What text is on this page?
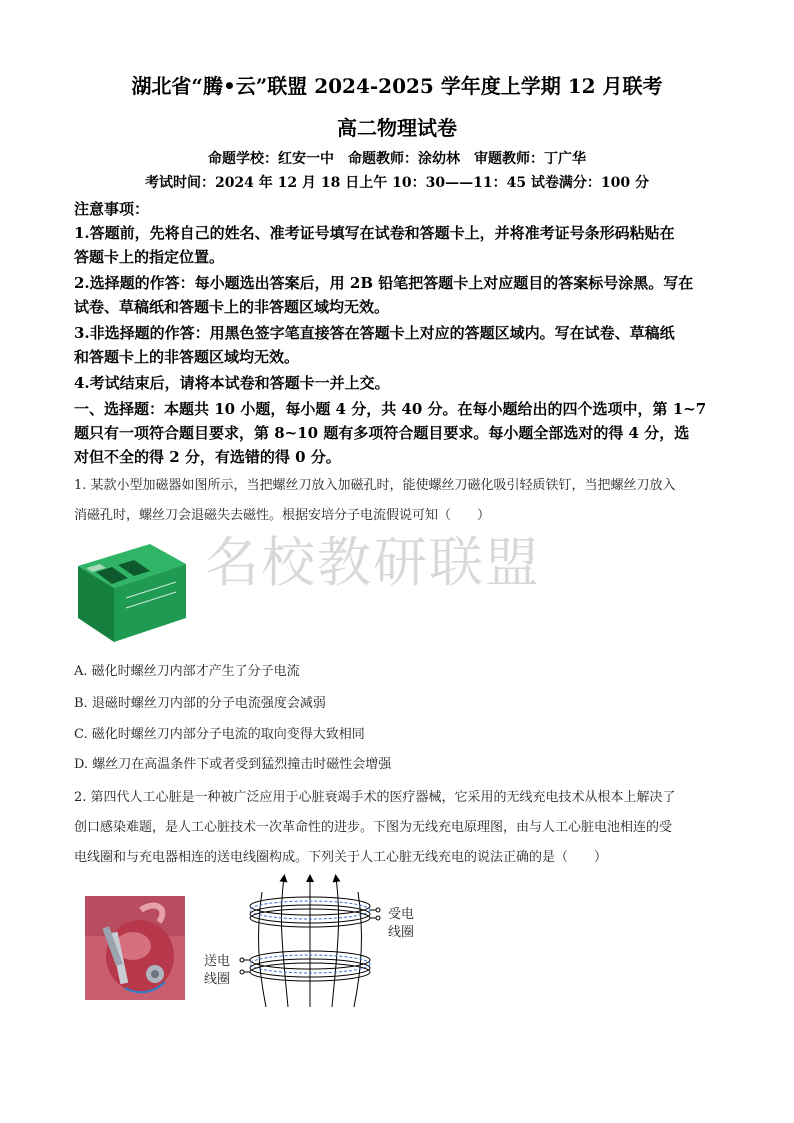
湖北省“腾•云”联盟 2024-2025 学年度上学期 12 月联考
高二物理试卷
命题学校：红安一中　命题教师：涂幼林　审题教师：丁广华
考试时间：2024 年 12 月 18 日上午 10：30——11：45 试卷满分：100 分
注意事项：
1.答题前，先将自己的姓名、准考证号填写在试卷和答题卡上，并将准考证号条形码粘贴在
答题卡上的指定位置。
2.选择题的作答：每小题选出答案后，用 2B 铅笔把答题卡上对应题目的答案标号涂黑。写在
试卷、草稿纸和答题卡上的非答题区域均无效。
3.非选择题的作答：用黑色签字笔直接答在答题卡上对应的答题区域内。写在试卷、草稿纸
和答题卡上的非答题区域均无效。
4.考试结束后，请将本试卷和答题卡一并上交。
一、选择题：本题共 10 小题，每小题 4 分，共 40 分。在每小题给出的四个选项中，第 1~7
题只有一项符合题目要求，第 8~10 题有多项符合题目要求。每小题全部选对的得 4 分，选
对但不全的得 2 分，有选错的得 0 分。
1. 某款小型加磁器如图所示，当把螺丝刀放入加磁孔时，能使螺丝刀磁化吸引轻质铁钉，当把螺丝刀放入
消磁孔时，螺丝刀会退磁失去磁性。根据安培分子电流假说可知（　　）
名校教研联盟
SATA
A. 磁化时螺丝刀内部才产生了分子电流
B. 退磁时螺丝刀内部的分子电流强度会减弱
C. 磁化时螺丝刀内部分子电流的取向变得大致相同
D. 螺丝刀在高温条件下或者受到猛烈撞击时磁性会增强
2. 第四代人工心脏是一种被广泛应用于心脏衰竭手术的医疗器械，它采用的无线充电技术从根本上解决了
创口感染难题，是人工心脏技术一次革命性的进步。下图为无线充电原理图，由与人工心脏电池相连的受
电线圈和与充电器相连的送电线圈构成。下列关于人工心脏无线充电的说法正确的是（　　）
受电
线圈
送电
线圈
